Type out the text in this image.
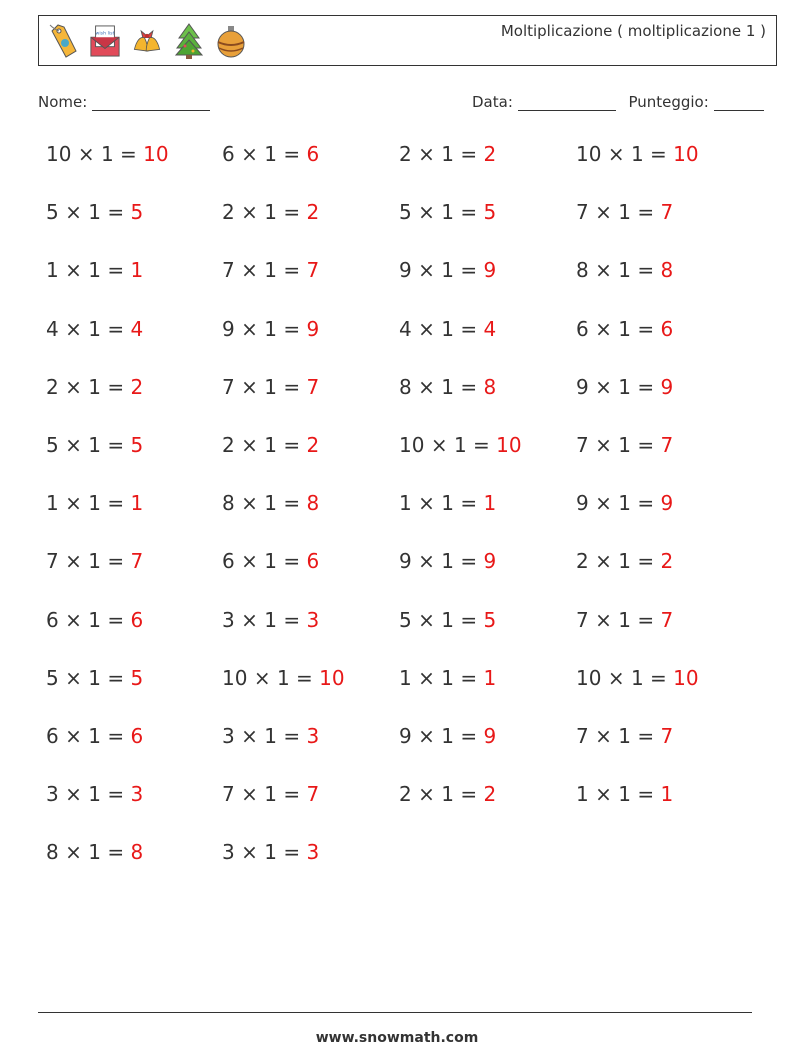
wish list	Moltiplicazione ( moltiplicazione 1 )
Nome:	Data:	Punteggio:
10 × 1 = 10	6 × 1 = 6	2 × 1 = 2	10 × 1 = 10
5 × 1 = 5	2 × 1 = 2	5 × 1 = 5	7 × 1 = 7
1 × 1 = 1	7 × 1 = 7	9 × 1 = 9	8 × 1 = 8
4 × 1 = 4	9 × 1 = 9	4 × 1 = 4	6 × 1 = 6
2 × 1 = 2	7 × 1 = 7	8 × 1 = 8	9 × 1 = 9
5 × 1 = 5	2 × 1 = 2	10 × 1 = 10	7 × 1 = 7
1 × 1 = 1	8 × 1 = 8	1 × 1 = 1	9 × 1 = 9
7 × 1 = 7	6 × 1 = 6	9 × 1 = 9	2 × 1 = 2
6 × 1 = 6	3 × 1 = 3	5 × 1 = 5	7 × 1 = 7
5 × 1 = 5	10 × 1 = 10	1 × 1 = 1	10 × 1 = 10
6 × 1 = 6	3 × 1 = 3	9 × 1 = 9	7 × 1 = 7
3 × 1 = 3	7 × 1 = 7	2 × 1 = 2	1 × 1 = 1
8 × 1 = 8	3 × 1 = 3
www.snowmath.com
